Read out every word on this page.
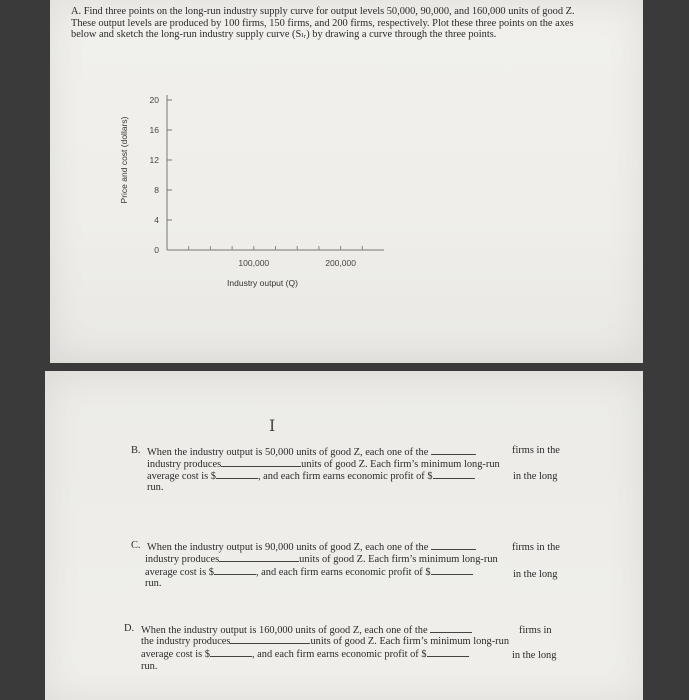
A. Find three points on the long-run industry supply curve for output levels 50,000, 90,000, and 160,000 units of good Z. These output levels are produced by 100 firms, 150 firms, and 200 firms, respectively. Plot these three points on the axes below and sketch the long-run industry supply curve (Sₗᵣ) by drawing a curve through the three points.
20
16
12
8
4
0
100,000	200,000
Price and cost (dollars)
Industry output (Q)
I
B. When the industry output is 50,000 units of good Z, each one of the	firms in the
industry produces	units of good Z. Each firm’s minimum long-run
average cost is $	, and each firm earns economic profit of $	in the long
run.
C. When the industry output is 90,000 units of good Z, each one of the	firms in the
industry produces	units of good Z. Each firm’s minimum long-run
average cost is $	, and each firm earns economic profit of $	in the long
run.
D. When the industry output is 160,000 units of good Z, each one of the	firms in
the industry produces	units of good Z. Each firm’s minimum long-run
average cost is $	, and each firm earns economic profit of $	in the long
run.
